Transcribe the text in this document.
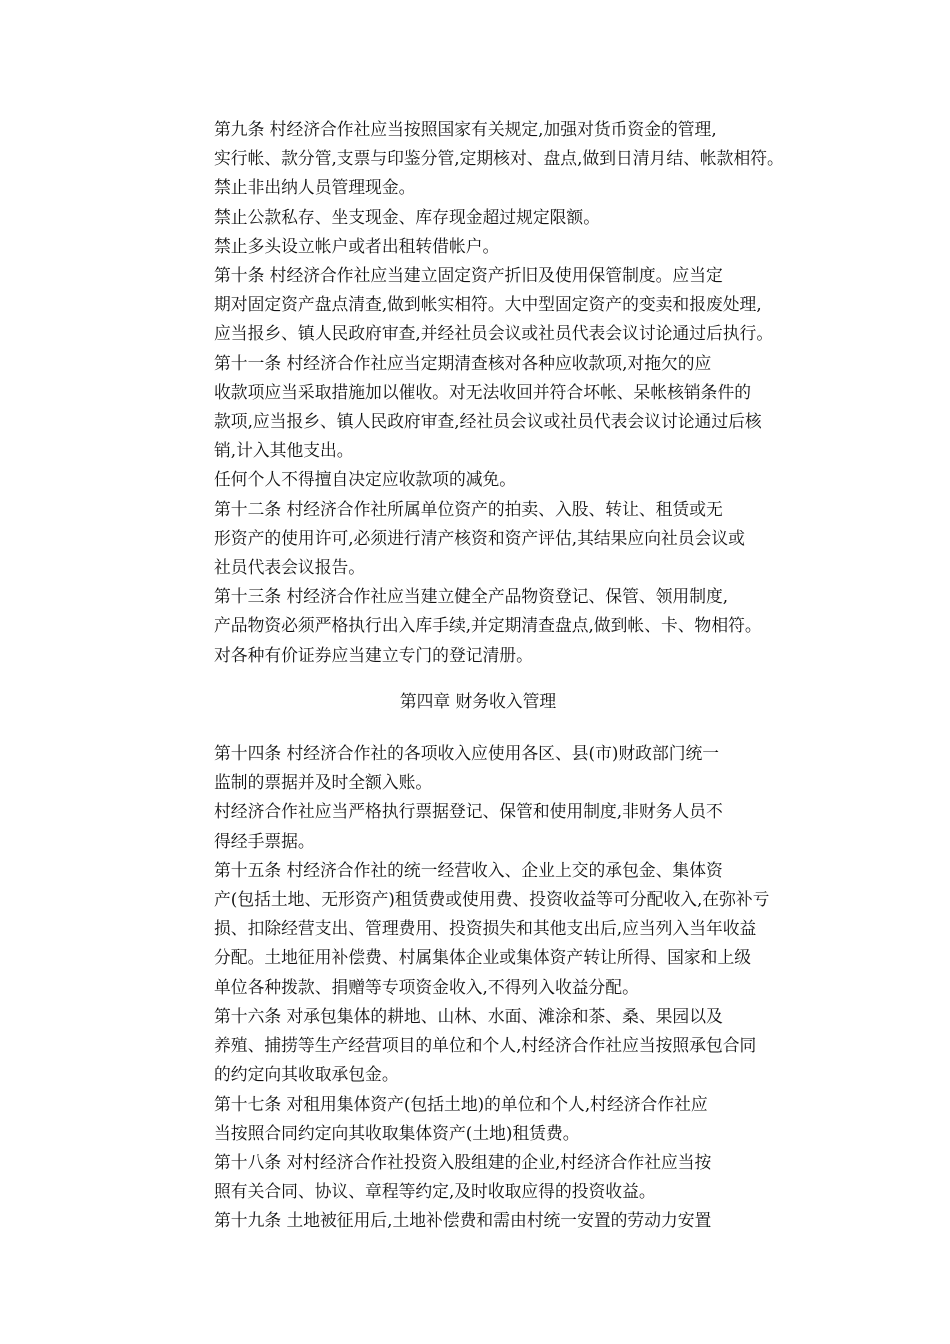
第九条 村经济合作社应当按照国家有关规定,加强对货币资金的管理,
实行帐、款分管,支票与印鉴分管,定期核对、盘点,做到日清月结、帐款相符。
禁止非出纳人员管理现金。
禁止公款私存、坐支现金、库存现金超过规定限额。
禁止多头设立帐户或者出租转借帐户。
第十条 村经济合作社应当建立固定资产折旧及使用保管制度。应当定
期对固定资产盘点清查,做到帐实相符。大中型固定资产的变卖和报废处理,
应当报乡、镇人民政府审查,并经社员会议或社员代表会议讨论通过后执行。
第十一条 村经济合作社应当定期清查核对各种应收款项,对拖欠的应
收款项应当采取措施加以催收。对无法收回并符合坏帐、呆帐核销条件的
款项,应当报乡、镇人民政府审查,经社员会议或社员代表会议讨论通过后核
销,计入其他支出。
任何个人不得擅自决定应收款项的减免。
第十二条 村经济合作社所属单位资产的拍卖、入股、转让、租赁或无
形资产的使用许可,必须进行清产核资和资产评估,其结果应向社员会议或
社员代表会议报告。
第十三条 村经济合作社应当建立健全产品物资登记、保管、领用制度,
产品物资必须严格执行出入库手续,并定期清查盘点,做到帐、卡、物相符。
对各种有价证券应当建立专门的登记清册。
第四章 财务收入管理
第十四条 村经济合作社的各项收入应使用各区、县(市)财政部门统一
监制的票据并及时全额入账。
村经济合作社应当严格执行票据登记、保管和使用制度,非财务人员不
得经手票据。
第十五条 村经济合作社的统一经营收入、企业上交的承包金、集体资
产(包括土地、无形资产)租赁费或使用费、投资收益等可分配收入,在弥补亏
损、扣除经营支出、管理费用、投资损失和其他支出后,应当列入当年收益
分配。土地征用补偿费、村属集体企业或集体资产转让所得、国家和上级
单位各种拨款、捐赠等专项资金收入,不得列入收益分配。
第十六条 对承包集体的耕地、山林、水面、滩涂和茶、桑、果园以及
养殖、捕捞等生产经营项目的单位和个人,村经济合作社应当按照承包合同
的约定向其收取承包金。
第十七条 对租用集体资产(包括土地)的单位和个人,村经济合作社应
当按照合同约定向其收取集体资产(土地)租赁费。
第十八条 对村经济合作社投资入股组建的企业,村经济合作社应当按
照有关合同、协议、章程等约定,及时收取应得的投资收益。
第十九条 土地被征用后,土地补偿费和需由村统一安置的劳动力安置
